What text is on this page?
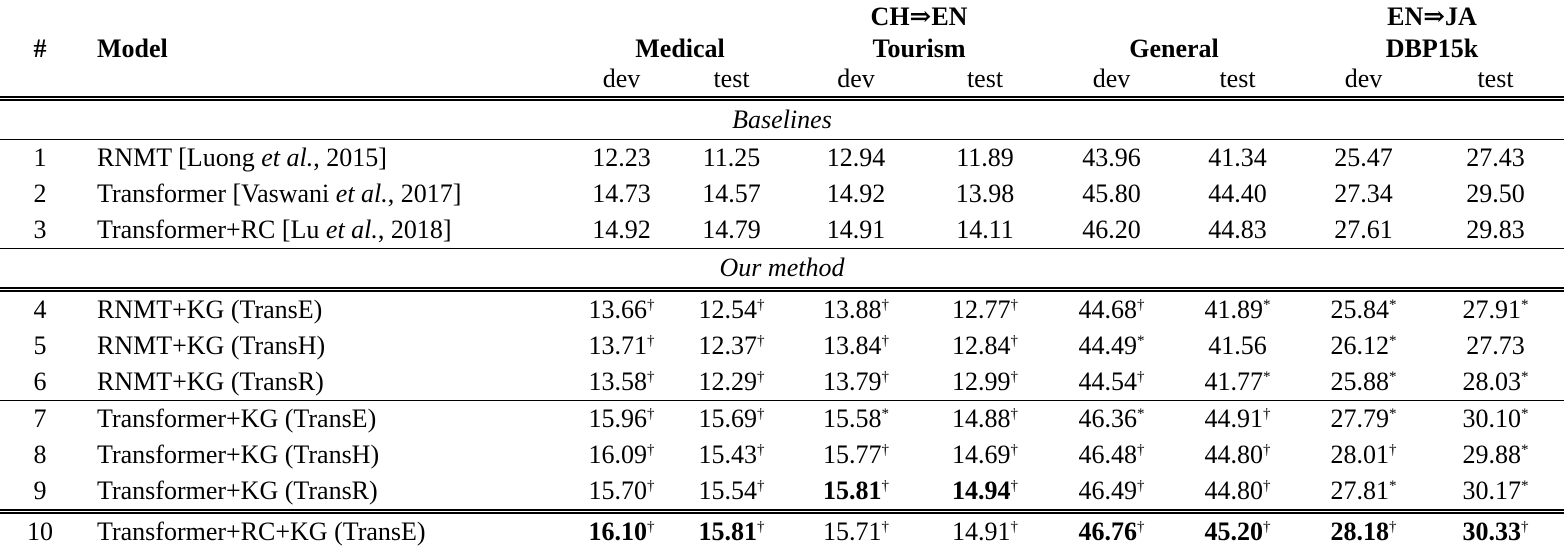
				CH⇒EN				EN⇒JA	
#	Model	Medical		Tourism		General		DBP15k	
		dev	test	dev	test	dev	test	dev	test
Baselines									
1	RNMT [Luong et al., 2015]	12.23	11.25	12.94	11.89	43.96	41.34	25.47	27.43
2	Transformer [Vaswani et al., 2017]	14.73	14.57	14.92	13.98	45.80	44.40	27.34	29.50
3	Transformer+RC [Lu et al., 2018]	14.92	14.79	14.91	14.11	46.20	44.83	27.61	29.83
Our method									
4	RNMT+KG (TransE)	13.66†	12.54†	13.88†	12.77†	44.68†	41.89*	25.84*	27.91*
5	RNMT+KG (TransH)	13.71†	12.37†	13.84†	12.84†	44.49*	41.56	26.12*	27.73
6	RNMT+KG (TransR)	13.58†	12.29†	13.79†	12.99†	44.54†	41.77*	25.88*	28.03*
7	Transformer+KG (TransE)	15.96†	15.69†	15.58*	14.88†	46.36*	44.91†	27.79*	30.10*
8	Transformer+KG (TransH)	16.09†	15.43†	15.77†	14.69†	46.48†	44.80†	28.01†	29.88*
9	Transformer+KG (TransR)	15.70†	15.54†	15.81†	14.94†	46.49†	44.80†	27.81*	30.17*
10	Transformer+RC+KG (TransE)	16.10†	15.81†	15.71†	14.91†	46.76†	45.20†	28.18†	30.33†
